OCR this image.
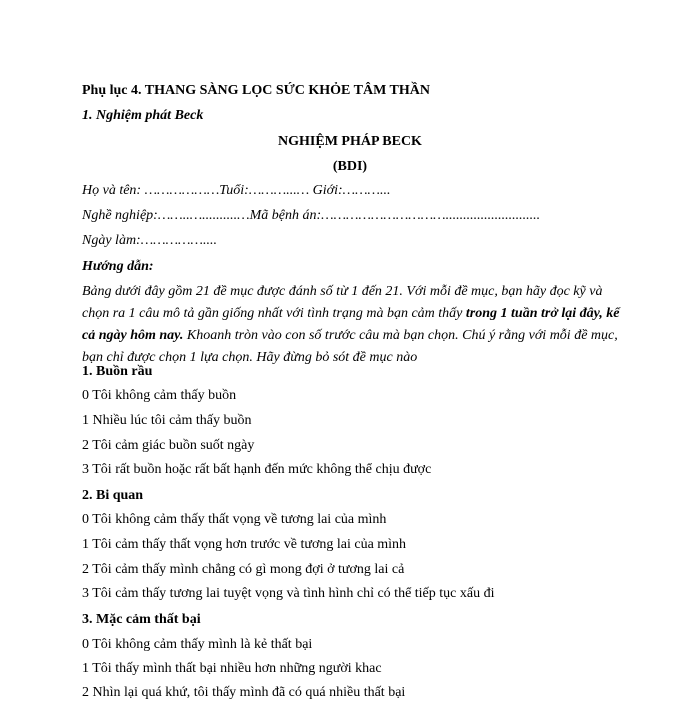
Phụ lục 4. THANG SÀNG LỌC SỨC KHỎE TÂM THẦN
1. Nghiệm phát Beck
NGHIỆM PHÁP BECK
(BDI)
Họ và tên: ………………Tuổi:………...… Giới:………...
Nghề nghiệp:……..…..........…Mã bệnh án:…………………………...........................
Ngày làm:……………....
Hướng dẫn:
Bảng dưới đây gồm 21 đề mục được đánh số từ 1 đến 21. Với mỗi đề mục, bạn hãy đọc kỹ và chọn ra 1 câu mô tả gần giống nhất với tình trạng mà bạn cảm thấy trong 1 tuần trở lại đây, kể cả ngày hôm nay. Khoanh tròn vào con số trước câu mà bạn chọn. Chú ý rằng với mỗi đề mục, bạn chỉ được chọn 1 lựa chọn. Hãy đừng bỏ sót đề mục nào
1. Buồn rầu
0 Tôi không cảm thấy buồn
1 Nhiều lúc tôi cảm thấy buồn
2 Tôi cảm giác buồn suốt ngày
3 Tôi rất buồn hoặc rất bất hạnh đến mức không thể chịu được
2. Bi quan
0 Tôi không cảm thấy thất vọng về tương lai của mình
1 Tôi cảm thấy thất vọng hơn trước về tương lai của mình
2 Tôi cảm thấy mình chẳng có gì mong đợi ở tương lai cả
3 Tôi cảm thấy tương lai tuyệt vọng và tình hình chỉ có thể tiếp tục xấu đi
3. Mặc cảm thất bại
0 Tôi không cảm thấy mình là kẻ thất bại
1 Tôi thấy mình thất bại nhiều hơn những người khac
2 Nhìn lại quá khứ, tôi thấy mình đã có quá nhiều thất bại
